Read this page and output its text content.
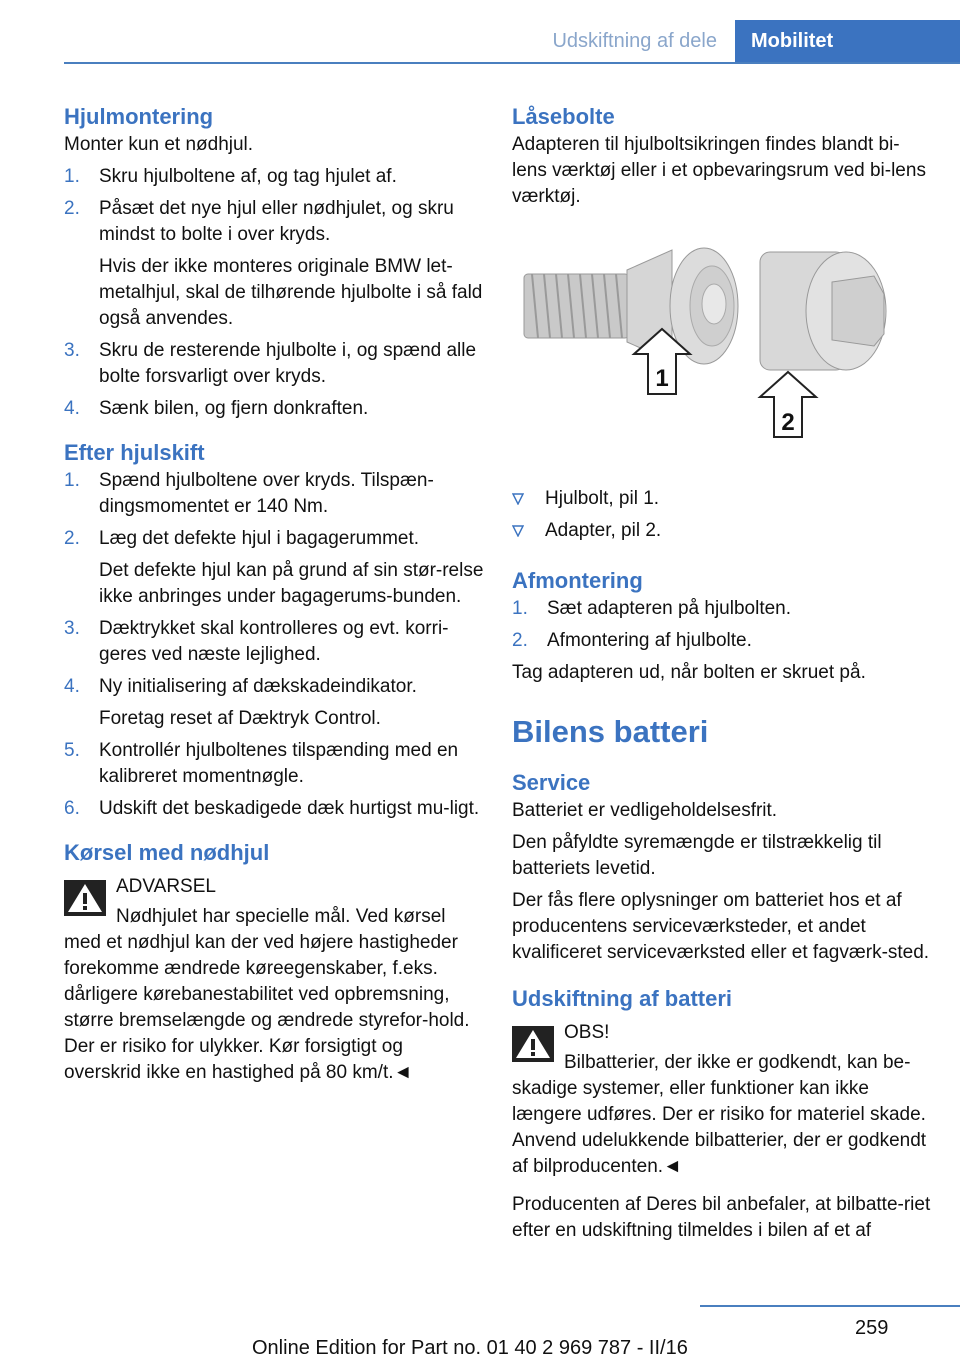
Udskiftning af dele	Mobilitet
Hjulmontering

Monter kun et nødhjul.

1. Skru hjulboltene af, og tag hjulet af.
2. Påsæt det nye hjul eller nødhjulet, og skru mindst to bolte i over kryds.
Hvis der ikke monteres originale BMW let‐metalhjul, skal de tilhørende hjulbolte i så fald også anvendes.
3. Skru de resterende hjulbolte i, og spænd alle bolte forsvarligt over kryds.
4. Sænk bilen, og fjern donkraften.
Efter hjulskift
1. Spænd hjulboltene over kryds. Tilspæn‐dingsmomentet er 140 Nm.
2. Læg det defekte hjul i bagagerummet.
Det defekte hjul kan på grund af sin stør‐relse ikke anbringes under bagagerums‐bunden.
3. Dæktrykket skal kontrolleres og evt. korri‐geres ved næste lejlighed.
4. Ny initialisering af dækskadeindikator.
Foretag reset af Dæktryk Control.
5. Kontrollér hjulboltenes tilspænding med en kalibreret momentnøgle.
6. Udskift det beskadigede dæk hurtigst mu‐ligt.
Kørsel med nødhjul

ADVARSEL

Nødhjulet har specielle mål. Ved kørsel med et nødhjul kan der ved højere hastigheder forekomme ændrede køreegenskaber, f.eks. dårligere kørebanestabilitet ved opbremsning, større bremselængde og ændrede styrefor‐hold. Der er risiko for ulykker. Kør forsigtigt og overskrid ikke en hastighed på 80 km/t.◄

Låsebolte

Adapteren til hjulboltsikringen findes blandt bi‐lens værktøj eller i et opbevaringsrum ved bi‐lens værktøj.

1
2
Hjulbolt, pil 1.
Adapter, pil 2.
Afmontering
1. Sæt adapteren på hjulbolten.
2. Afmontering af hjulbolte.

Tag adapteren ud, når bolten er skruet på.

Bilens batteri
Service

Batteriet er vedligeholdelsesfrit.

Den påfyldte syremængde er tilstrækkelig til batteriets levetid.

Der fås flere oplysninger om batteriet hos et af producentens serviceværksteder, et andet kvalificeret serviceværksted eller et fagværk‐sted.

Udskiftning af batteri

OBS!

Bilbatterier, der ikke er godkendt, kan be‐skadige systemer, eller funktioner kan ikke længere udføres. Der er risiko for materiel skade. Anvend udelukkende bilbatterier, der er godkendt af bilproducenten.◄

Producenten af Deres bil anbefaler, at bilbatte‐riet efter en udskiftning tilmeldes i bilen af et af

259
Online Edition for Part no. 01 40 2 969 787 - II/16
